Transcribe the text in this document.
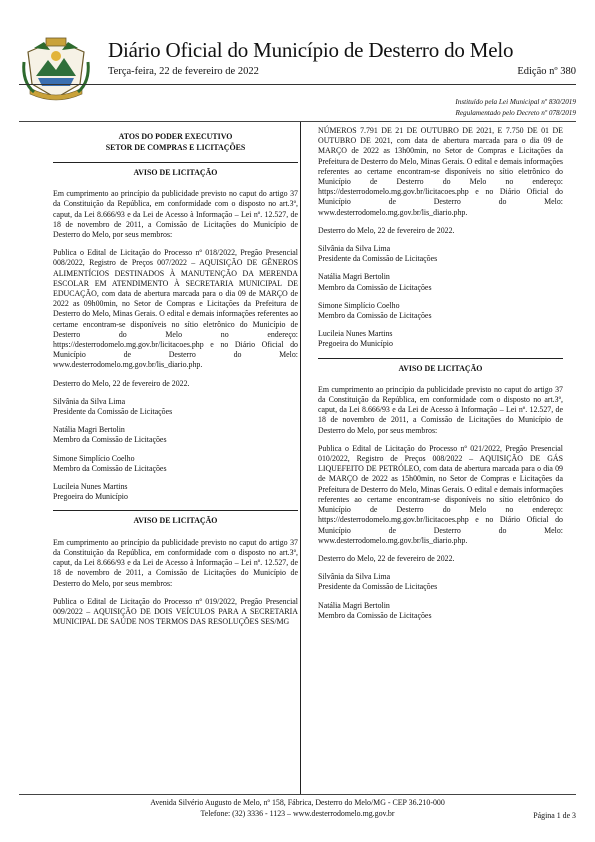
Diário Oficial do Município de Desterro do Melo
Terça-feira, 22 de fevereiro de 2022	Edição nº 380
Instituído pela Lei Municipal nº 830/2019
Regulamentado pelo Decreto nº 078/2019
ATOS DO PODER EXECUTIVO
SETOR DE COMPRAS E LICITAÇÕES
AVISO DE LICITAÇÃO

Em cumprimento ao princípio da publicidade previsto no caput do artigo 37 da Constituição da República, em conformidade com o disposto no art.3º, caput, da Lei 8.666/93 e da Lei de Acesso à Informação – Lei nº. 12.527, de 18 de novembro de 2011, a Comissão de Licitações do Município de Desterro do Melo, por seus membros:

Publica o Edital de Licitação do Processo nº 018/2022, Pregão Presencial 008/2022, Registro de Preços 007/2022 – AQUISIÇÃO DE GÊNEROS ALIMENTÍCIOS DESTINADOS À MANUTENÇÃO DA MERENDA ESCOLAR EM ATENDIMENTO À SECRETARIA MUNICIPAL DE EDUCAÇÃO, com data de abertura marcada para o dia 09 de MARÇO de 2022 as 09h00min, no Setor de Compras e Licitações da Prefeitura de Desterro do Melo, Minas Gerais. O edital e demais informações referentes ao certame encontram-se disponíveis no sítio eletrônico do Município de Desterro do Melo no endereço: https://desterrodomelo.mg.gov.br/licitacoes.php e no Diário Oficial do Município de Desterro do Melo: www.desterrodomelo.mg.gov.br/lis_diario.php.

Desterro do Melo, 22 de fevereiro de 2022.

Silvânia da Silva Lima
Presidente da Comissão de Licitações
Natália Magri Bertolin
Membro da Comissão de Licitações
Simone Simplício Coelho
Membro da Comissão de Licitações
Lucileia Nunes Martins
Pregoeira do Município
AVISO DE LICITAÇÃO

Em cumprimento ao princípio da publicidade previsto no caput do artigo 37 da Constituição da República, em conformidade com o disposto no art.3º, caput, da Lei 8.666/93 e da Lei de Acesso à Informação – Lei nº. 12.527, de 18 de novembro de 2011, a Comissão de Licitações do Município de Desterro do Melo, por seus membros:

Publica o Edital de Licitação do Processo nº 019/2022, Pregão Presencial 009/2022 – AQUISIÇÃO DE DOIS VEÍCULOS PARA A SECRETARIA MUNICIPAL DE SAÚDE NOS TERMOS DAS RESOLUÇÕES SES/MG

NÚMEROS 7.791 DE 21 DE OUTUBRO DE 2021, E 7.750 DE 01 DE OUTUBRO DE 2021, com data de abertura marcada para o dia 09 de MARÇO de 2022 as 13h00min, no Setor de Compras e Licitações da Prefeitura de Desterro do Melo, Minas Gerais. O edital e demais informações referentes ao certame encontram-se disponíveis no sítio eletrônico do Município de Desterro do Melo no endereço: https://desterrodomelo.mg.gov.br/licitacoes.php e no Diário Oficial do Município de Desterro do Melo: www.desterrodomelo.mg.gov.br/lis_diario.php.

Desterro do Melo, 22 de fevereiro de 2022.

Silvânia da Silva Lima
Presidente da Comissão de Licitações
Natália Magri Bertolin
Membro da Comissão de Licitações
Simone Simplício Coelho
Membro da Comissão de Licitações
Lucileia Nunes Martins
Pregoeira do Município
AVISO DE LICITAÇÃO

Em cumprimento ao princípio da publicidade previsto no caput do artigo 37 da Constituição da República, em conformidade com o disposto no art.3º, caput, da Lei 8.666/93 e da Lei de Acesso à Informação – Lei nº. 12.527, de 18 de novembro de 2011, a Comissão de Licitações do Município de Desterro do Melo, por seus membros:

Publica o Edital de Licitação do Processo nº 021/2022, Pregão Presencial 010/2022, Registro de Preços 008/2022 – AQUISIÇÃO DE GÁS LIQUEFEITO DE PETRÓLEO, com data de abertura marcada para o dia 09 de MARÇO de 2022 as 15h00min, no Setor de Compras e Licitações da Prefeitura de Desterro do Melo, Minas Gerais. O edital e demais informações referentes ao certame encontram-se disponíveis no sítio eletrônico do Município de Desterro do Melo no endereço: https://desterrodomelo.mg.gov.br/licitacoes.php e no Diário Oficial do Município de Desterro do Melo: www.desterrodomelo.mg.gov.br/lis_diario.php.

Desterro do Melo, 22 de fevereiro de 2022.

Silvânia da Silva Lima
Presidente da Comissão de Licitações
Natália Magri Bertolin
Membro da Comissão de Licitações
Avenida Silvério Augusto de Melo, nº 158, Fábrica, Desterro do Melo/MG - CEP 36.210-000
Telefone: (32) 3336 - 1123 – www.desterrodomelo.mg.gov.br	Página 1 de 3
